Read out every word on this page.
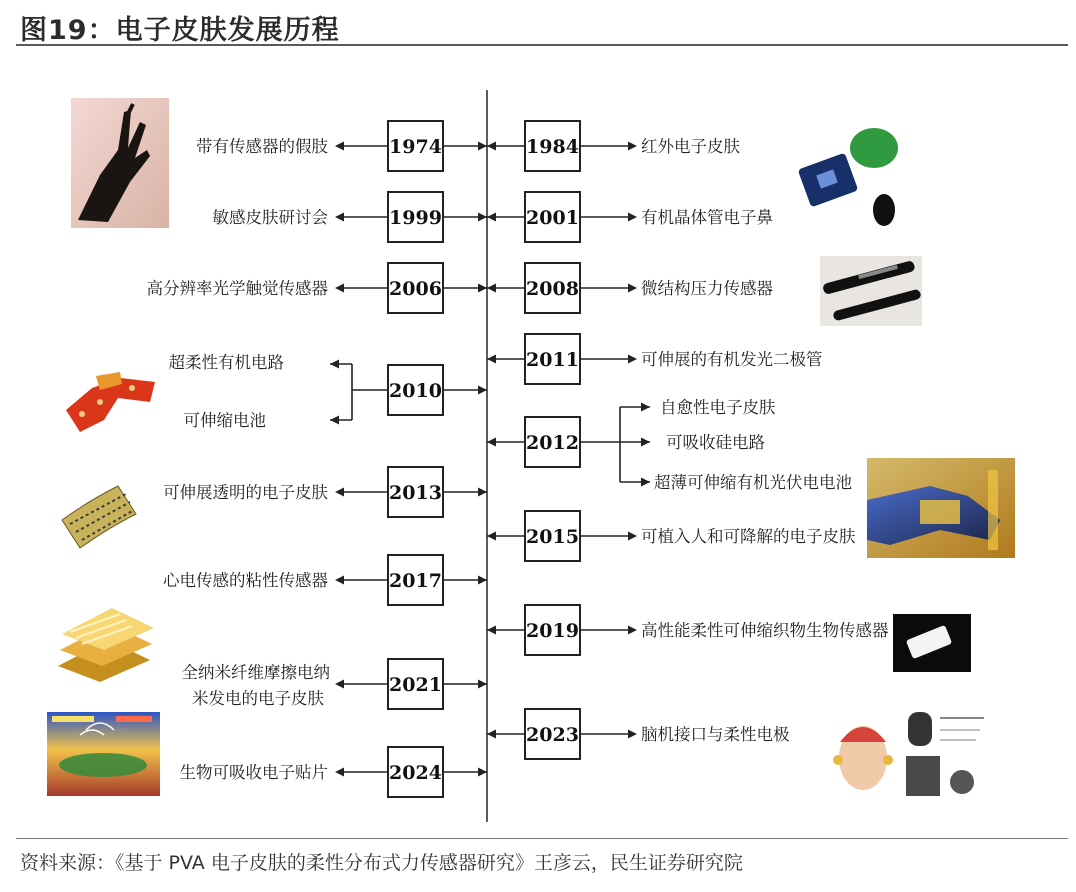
图19：电子皮肤发展历程
1974
1999
2006
2010
2013
2017
2021
2024
1984
2001
2008
2011
2012
2015
2019
2023
带有传感器的假肢
敏感皮肤研讨会
高分辨率光学触觉传感器
超柔性有机电路
可伸缩电池
可伸展透明的电子皮肤
心电传感的粘性传感器
全纳米纤维摩擦电纳
米发电的电子皮肤
生物可吸收电子贴片
红外电子皮肤
有机晶体管电子鼻
微结构压力传感器
可伸展的有机发光二极管
自愈性电子皮肤
可吸收硅电路
超薄可伸缩有机光伏电电池
可植入人和可降解的电子皮肤
高性能柔性可伸缩织物生物传感器
脑机接口与柔性电极
资料来源：《基于 PVA 电子皮肤的柔性分布式力传感器研究》王彦云，民生证券研究院
